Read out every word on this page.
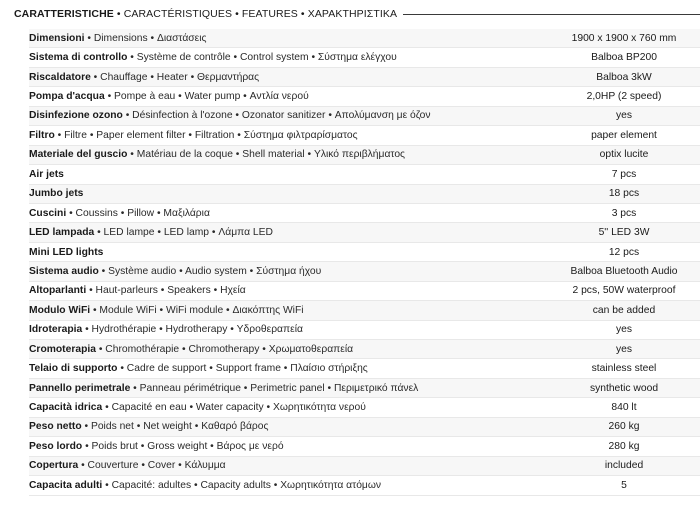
CARATTERISTICHE • CARACTÉRISTIQUES • FEATURES • ΧΑΡΑΚΤΗΡΙΣΤΙΚΑ
Dimensioni • Dimensions • Διαστάσεις	1900 x 1900 x 760 mm
Sistema di controllo • Système de contrôle • Control system • Σύστημα ελέγχου	Balboa BP200
Riscaldatore • Chauffage • Heater • Θερμαντήρας	Balboa 3kW
Pompa d'acqua • Pompe à eau • Water pump • Αντλία νερού	2,0HP (2 speed)
Disinfezione ozono • Désinfection à l'ozone • Ozonator sanitizer • Απολύμανση με όζον	yes
Filtro • Filtre • Paper element filter • Filtration • Σύστημα φιλτραρίσματος	paper element
Materiale del guscio • Matériau de la coque • Shell material • Υλικό περιβλήματος	optix lucite
Air jets	7 pcs
Jumbo jets	18 pcs
Cuscini • Coussins • Pillow • Μαξιλάρια	3 pcs
LED lampada • LED lampe • LED lamp • Λάμπα LED	5'' LED 3W
Mini LED lights	12 pcs
Sistema audio • Système audio • Audio system • Σύστημα ήχου	Balboa Bluetooth Audio
Altoparlanti • Haut-parleurs • Speakers • Ηχεία	2 pcs, 50W waterproof
Modulo WiFi • Module WiFi • WiFi module • Διακόπτης WiFi	can be added
Idroterapia • Hydrothérapie • Hydrotherapy • Υδροθεραπεία	yes
Cromoterapia • Chromothérapie • Chromotherapy • Χρωματοθεραπεία	yes
Telaio di supporto • Cadre de support • Support frame • Πλαίσιο στήριξης	stainless steel
Pannello perimetrale • Panneau périmétrique • Perimetric panel • Περιμετρικό πάνελ	synthetic wood
Capacità idrica • Capacité en eau • Water capacity • Χωρητικότητα νερού	840 lt
Peso netto • Poids net • Net weight • Καθαρό βάρος	260 kg
Peso lordo • Poids brut • Gross weight • Βάρος με νερό	280 kg
Copertura • Couverture • Cover • Κάλυμμα	included
Capacita adulti • Capacité: adultes • Capacity adults • Χωρητικότητα ατόμων	5
